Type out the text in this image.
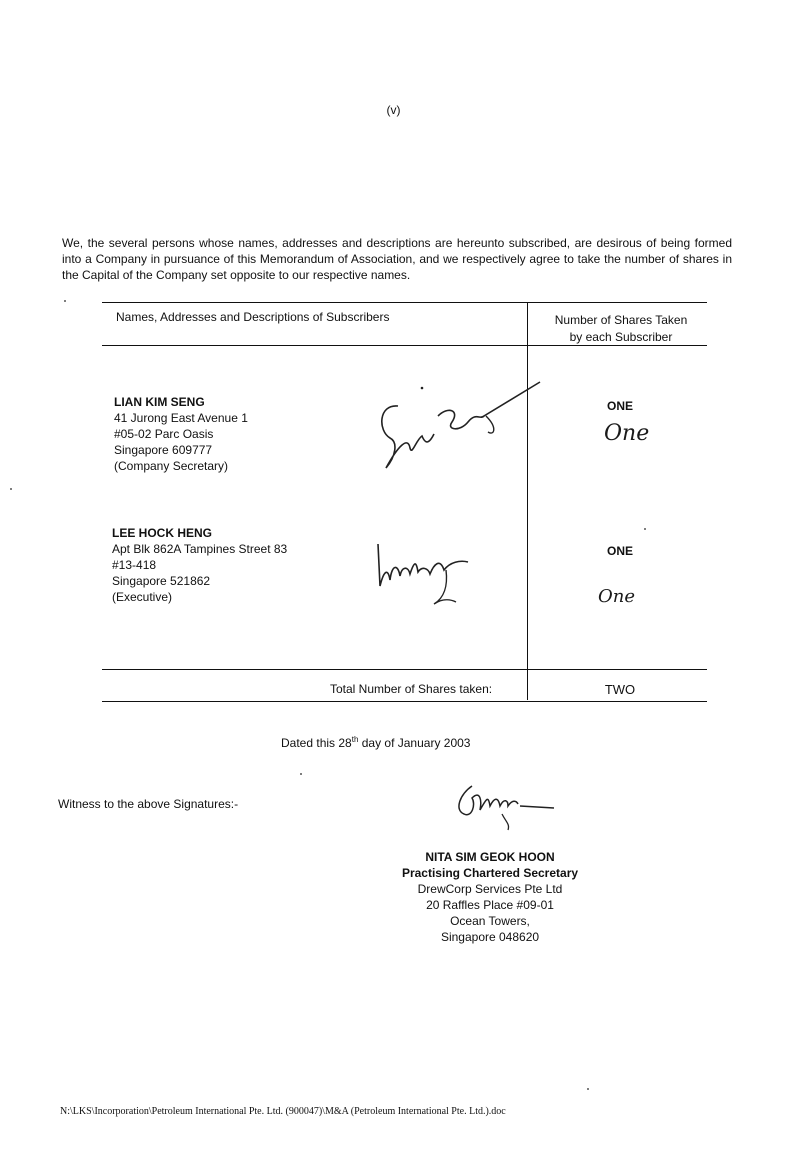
(v)
We, the several persons whose names, addresses and descriptions are hereunto subscribed, are desirous of being formed into a Company in pursuance of this Memorandum of Association, and we respectively agree to take the number of shares in the Capital of the Company set opposite to our respective names.
Names, Addresses and Descriptions of Subscribers	Number of Shares Taken
by each Subscriber
LIAN KIM SENG
41 Jurong East Avenue 1
#05-02 Parc Oasis
Singapore 609777
(Company Secretary)
ONE
One
LEE HOCK HENG
Apt Blk 862A Tampines Street 83
#13-418
Singapore 521862
(Executive)
ONE
One
Total Number of Shares taken:	TWO
Dated this 28th day of January 2003
Witness to the above Signatures:-
NITA SIM GEOK HOON
Practising Chartered Secretary
DrewCorp Services Pte Ltd
20 Raffles Place #09-01
Ocean Towers,
Singapore 048620
N:\LKS\Incorporation\Petroleum International Pte. Ltd. (900047)\M&A (Petroleum International Pte. Ltd.).doc
